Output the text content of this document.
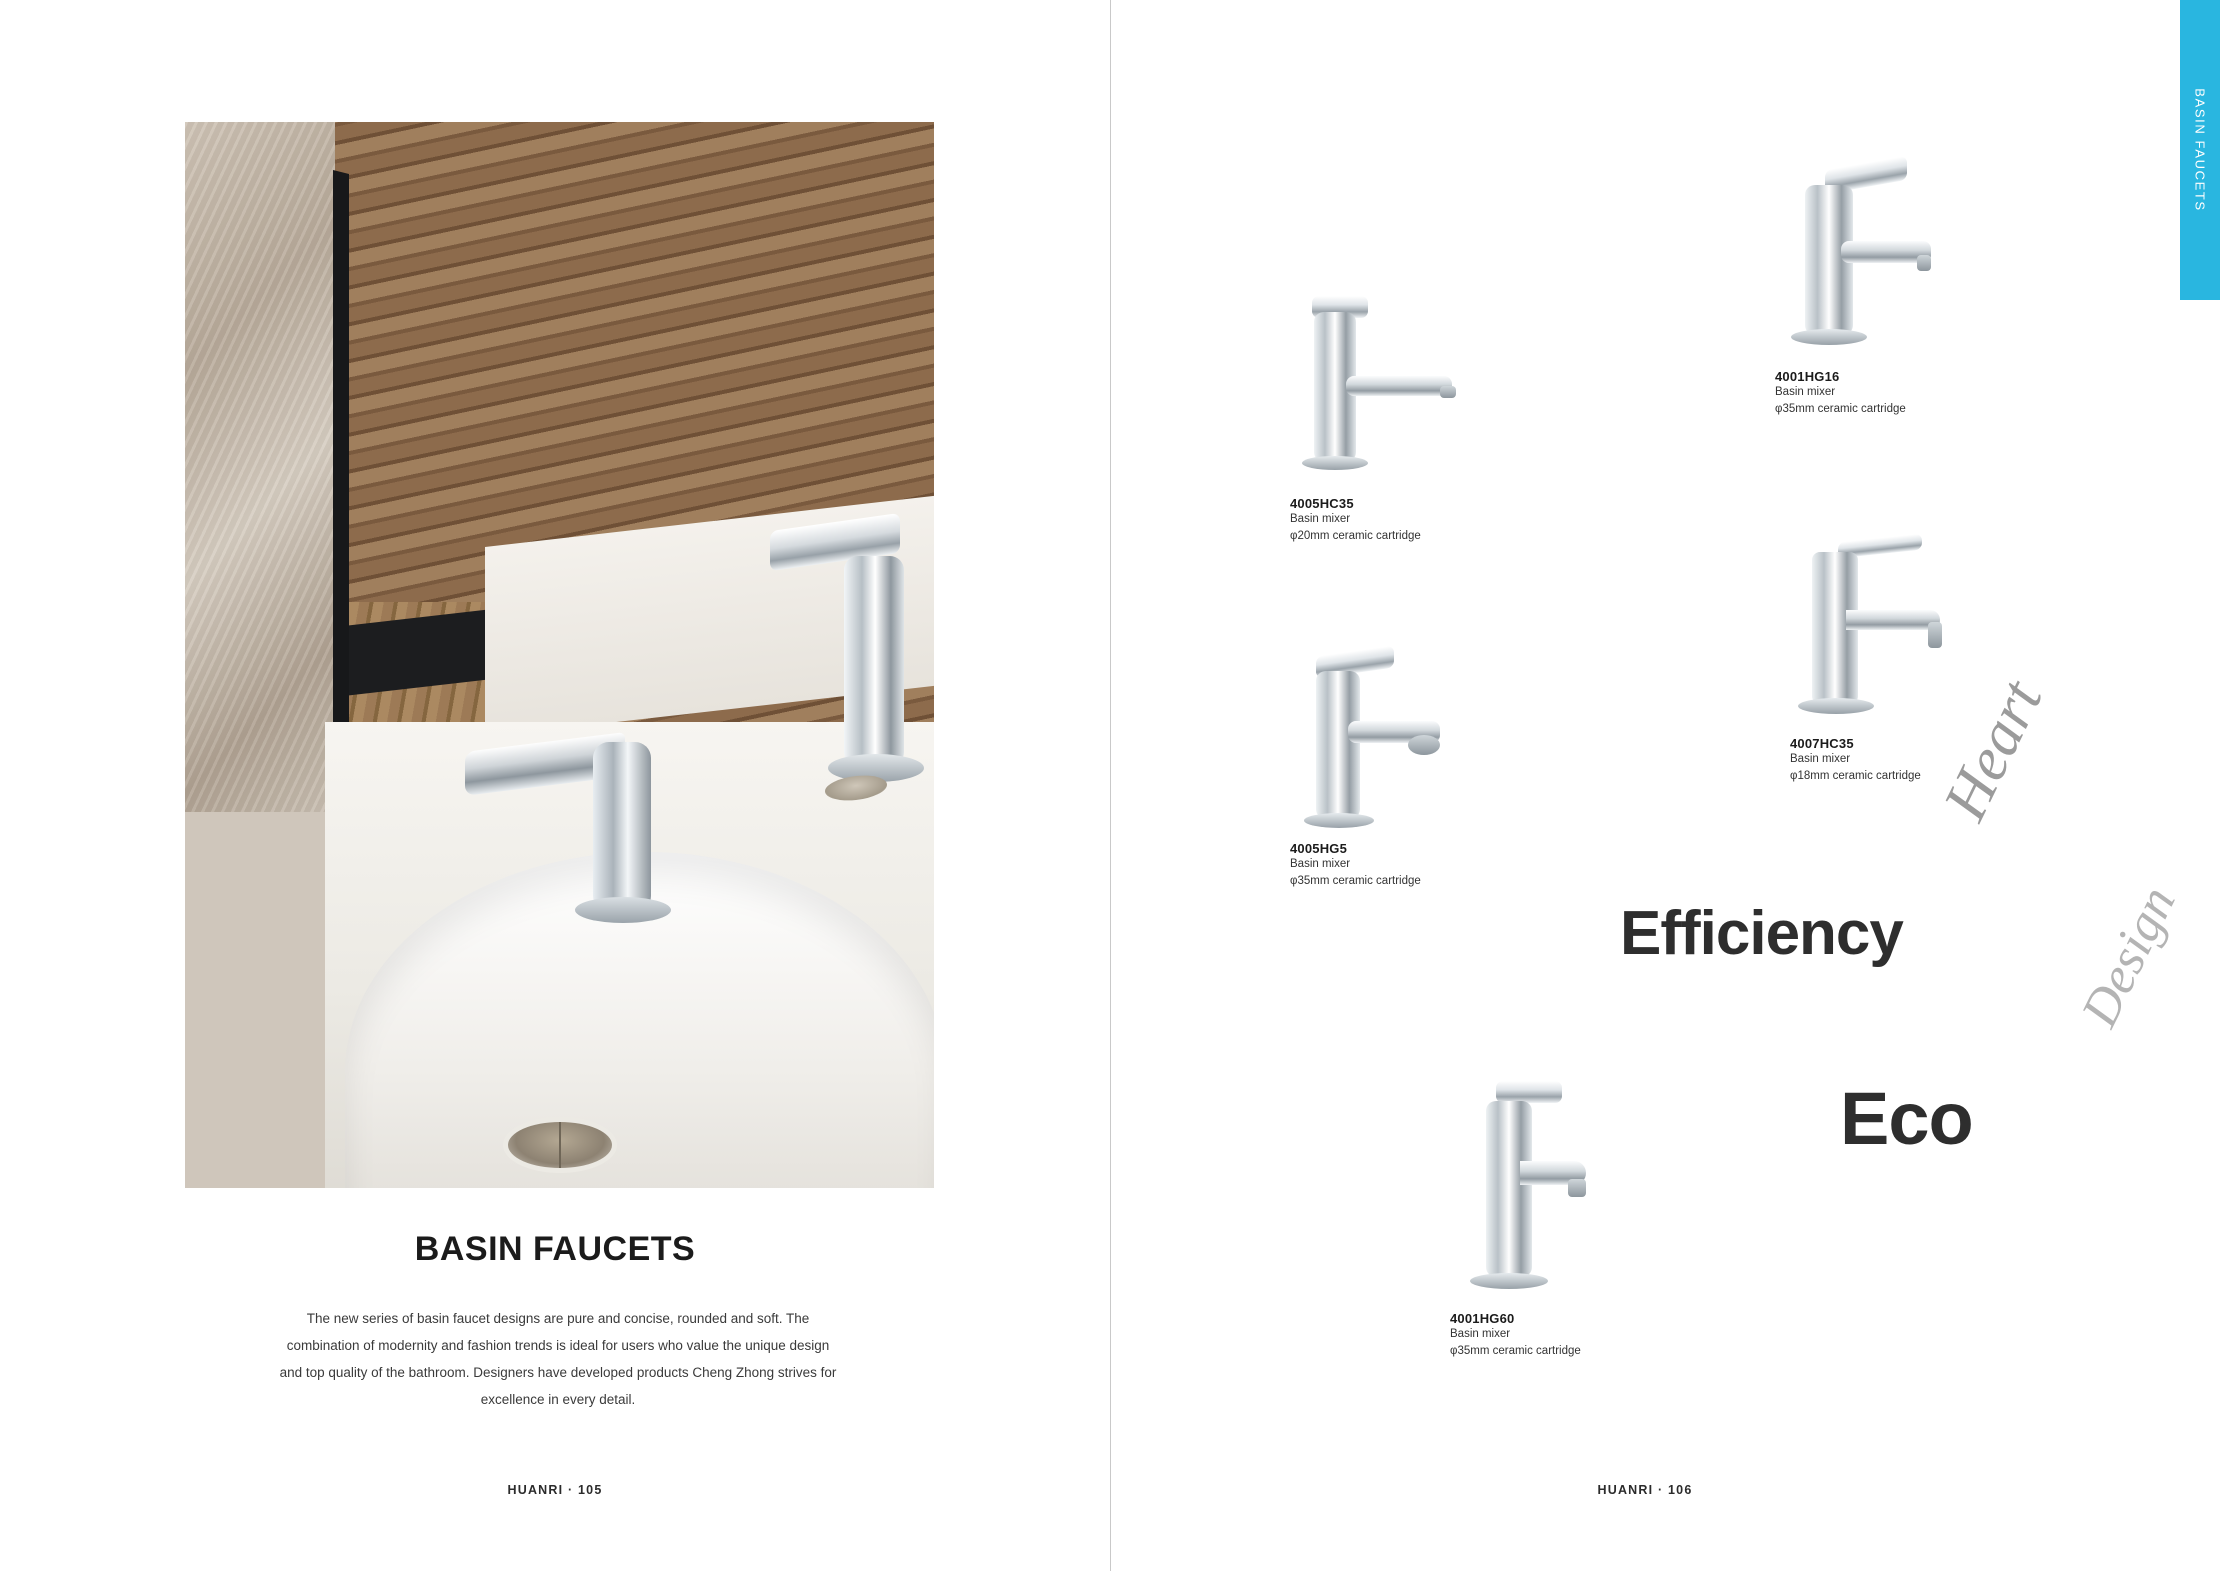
BASIN FAUCETS
The new series of basin faucet designs are pure and concise, rounded and soft. The combination of modernity and fashion trends is ideal for users who value the unique design and top quality of the bathroom. Designers have developed products Cheng Zhong strives for excellence in every detail.
HUANRI · 105
4005HC35
Basin mixer
φ20mm ceramic cartridge
4001HG16
Basin mixer
φ35mm ceramic cartridge
4005HG5
Basin mixer
φ35mm ceramic cartridge
4007HC35
Basin mixer
φ18mm ceramic cartridge
4001HG60
Basin mixer
φ35mm ceramic cartridge
Efficiency
Eco
Heart
Design
HUANRI · 106
BASIN FAUCETS
